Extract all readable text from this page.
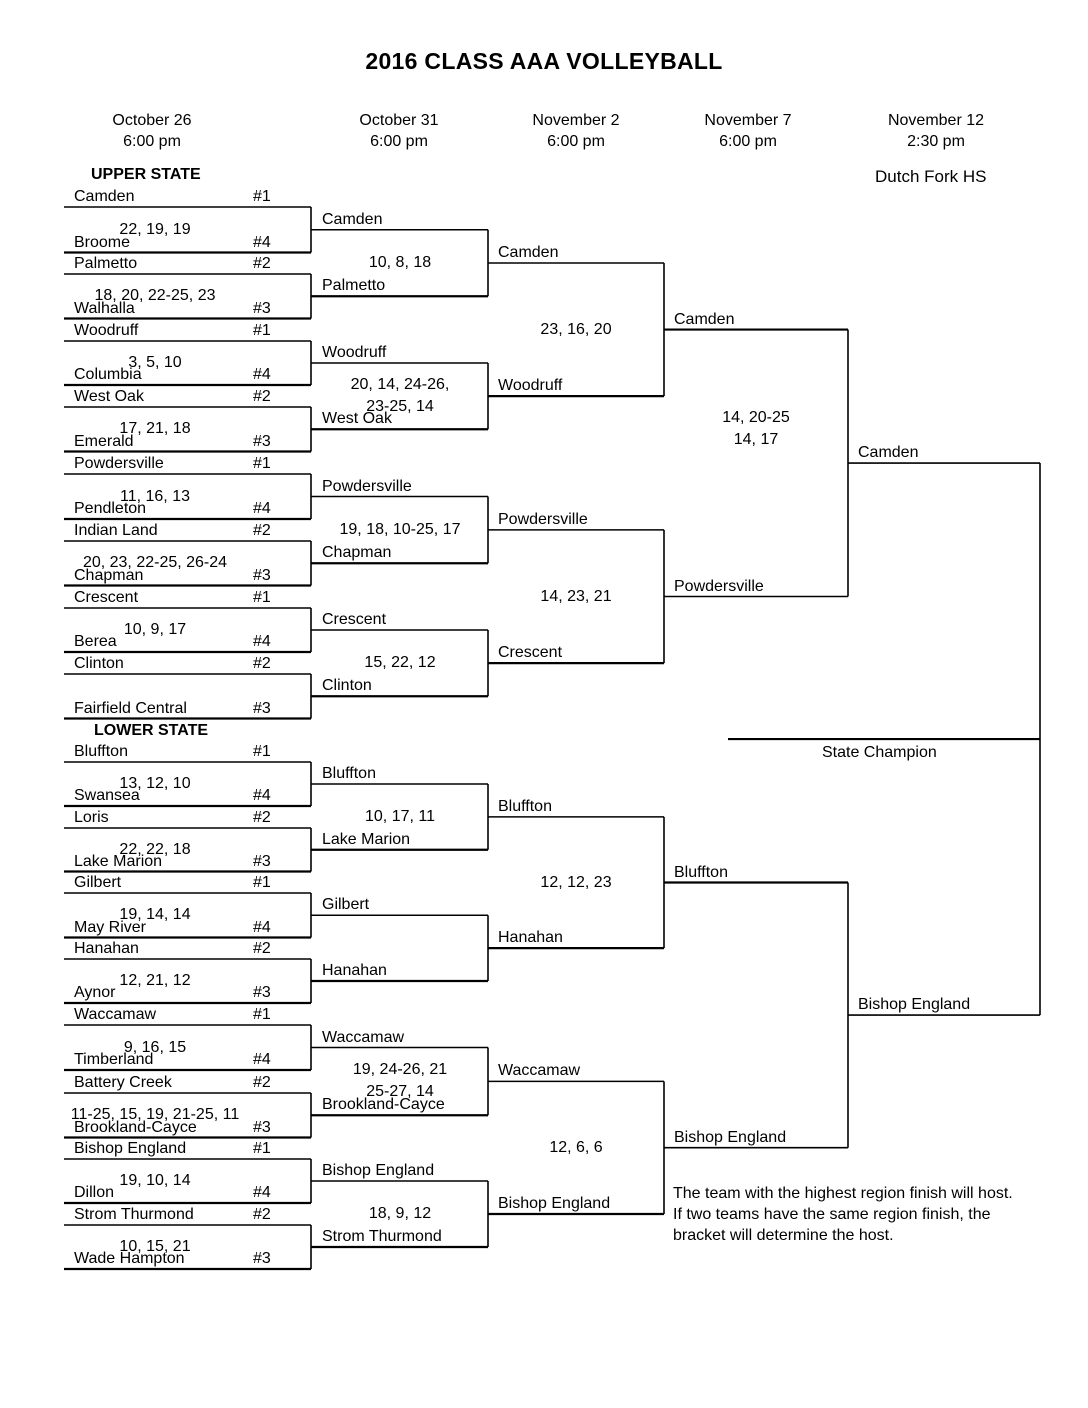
2016 CLASS AAA VOLLEYBALL
October 26
6:00 pm
October 31
6:00 pm
November 2
6:00 pm
November 7
6:00 pm
November 12
2:30 pm
Dutch Fork HS
UPPER STATE
LOWER STATE
Camden	#1
Broome	#4
Palmetto	#2
Walhalla	#3
Woodruff	#1
Columbia	#4
West Oak	#2
Emerald	#3
Powdersville	#1
Pendleton	#4
Indian Land	#2
Chapman	#3
Crescent	#1
Berea	#4
Clinton	#2
Fairfield Central	#3
Bluffton	#1
Swansea	#4
Loris	#2
Lake Marion	#3
Gilbert	#1
May River	#4
Hanahan	#2
Aynor	#3
Waccamaw	#1
Timberland	#4
Battery Creek	#2
Brookland-Cayce	#3
Bishop England	#1
Dillon	#4
Strom Thurmond	#2
Wade Hampton	#3
22, 19, 19
18, 20, 22-25, 23
3, 5, 10
17, 21, 18
11, 16, 13
20, 23, 22-25, 26-24
10, 9, 17
13, 12, 10
22, 22, 18
19, 14, 14
12, 21, 12
9, 16, 15
11-25, 15, 19, 21-25, 11
19, 10, 14
10, 15, 21
Camden
Palmetto
Woodruff
West Oak
Powdersville
Chapman
Crescent
Clinton
Bluffton
Lake Marion
Gilbert
Hanahan
Waccamaw
Brookland-Cayce
Bishop England
Strom Thurmond
10, 8, 18
20, 14, 24-26,
23-25, 14
19, 18, 10-25, 17
15, 22, 12
10, 17, 11
19, 24-26, 21
25-27, 14
18, 9, 12
Camden
Woodruff
Powdersville
Crescent
Bluffton
Hanahan
Waccamaw
Bishop England
23, 16, 20
14, 23, 21
12, 12, 23
12, 6, 6
Camden
Powdersville
Bluffton
Bishop England
14, 20-25
14, 17
Camden
Bishop England
State Champion
The team with the highest region finish will host. If two teams have the same region finish, the bracket will determine the host.
